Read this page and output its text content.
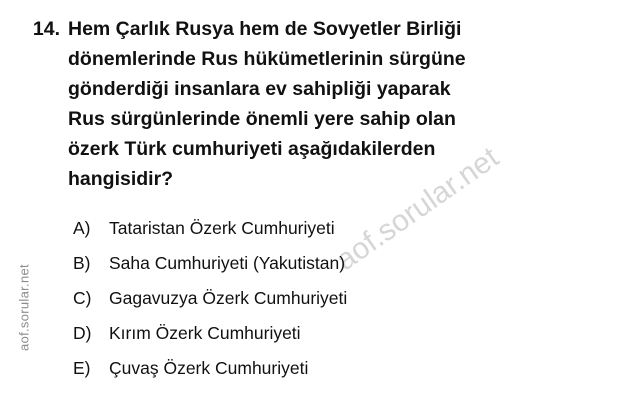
aof.sorular.net
aof.sorular.net
14. Hem Çarlık Rusya hem de Sovyetler Birliği
dönemlerinde Rus hükümetlerinin sürgüne
gönderdiği insanlara ev sahipliği yaparak
Rus sürgünlerinde önemli yere sahip olan
özerk Türk cumhuriyeti aşağıdakilerden
hangisidir?
A)	Tataristan Özerk Cumhuriyeti
B)	Saha Cumhuriyeti (Yakutistan)
C)	Gagavuzya Özerk Cumhuriyeti
D)	Kırım Özerk Cumhuriyeti
E)	Çuvaş Özerk Cumhuriyeti
